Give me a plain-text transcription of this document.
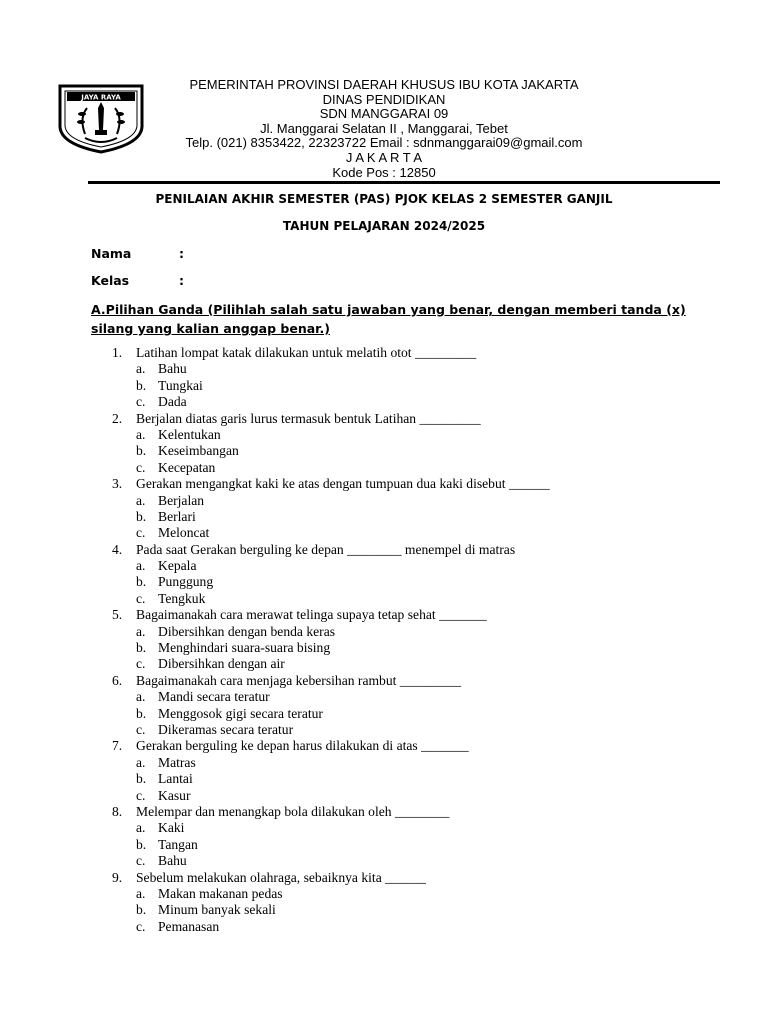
JAYA RAYA
PEMERINTAH PROVINSI DAERAH KHUSUS IBU KOTA JAKARTA
DINAS PENDIDIKAN
SDN MANGGARAI 09
Jl. Manggarai Selatan II , Manggarai, Tebet
Telp. (021) 8353422, 22323722 Email : sdnmanggarai09@gmail.com
J A K A R T A
Kode Pos : 12850
PENILAIAN AKHIR SEMESTER (PAS) PJOK KELAS 2 SEMESTER GANJIL
TAHUN PELAJARAN 2024/2025
Nama	:
Kelas	:
A.Pilihan Ganda (Pilihlah salah satu jawaban yang benar, dengan memberi tanda (x)
silang yang kalian anggap benar.)
1. Latihan lompat katak dilakukan untuk melatih otot _________
a. Bahu
b. Tungkai
c. Dada
2. Berjalan diatas garis lurus termasuk bentuk Latihan _________
a. Kelentukan
b. Keseimbangan
c. Kecepatan
3. Gerakan mengangkat kaki ke atas dengan tumpuan dua kaki disebut ______
a. Berjalan
b. Berlari
c. Meloncat
4. Pada saat Gerakan berguling ke depan ________ menempel di matras
a. Kepala
b. Punggung
c. Tengkuk
5. Bagaimanakah cara merawat telinga supaya tetap sehat _______
a. Dibersihkan dengan benda keras
b. Menghindari suara-suara bising
c. Dibersihkan dengan air
6. Bagaimanakah cara menjaga kebersihan rambut _________
a. Mandi secara teratur
b. Menggosok gigi secara teratur
c. Dikeramas secara teratur
7. Gerakan berguling ke depan harus dilakukan di atas _______
a. Matras
b. Lantai
c. Kasur
8. Melempar dan menangkap bola dilakukan oleh ________
a. Kaki
b. Tangan
c. Bahu
9. Sebelum melakukan olahraga, sebaiknya kita ______
a. Makan makanan pedas
b. Minum banyak sekali
c. Pemanasan
